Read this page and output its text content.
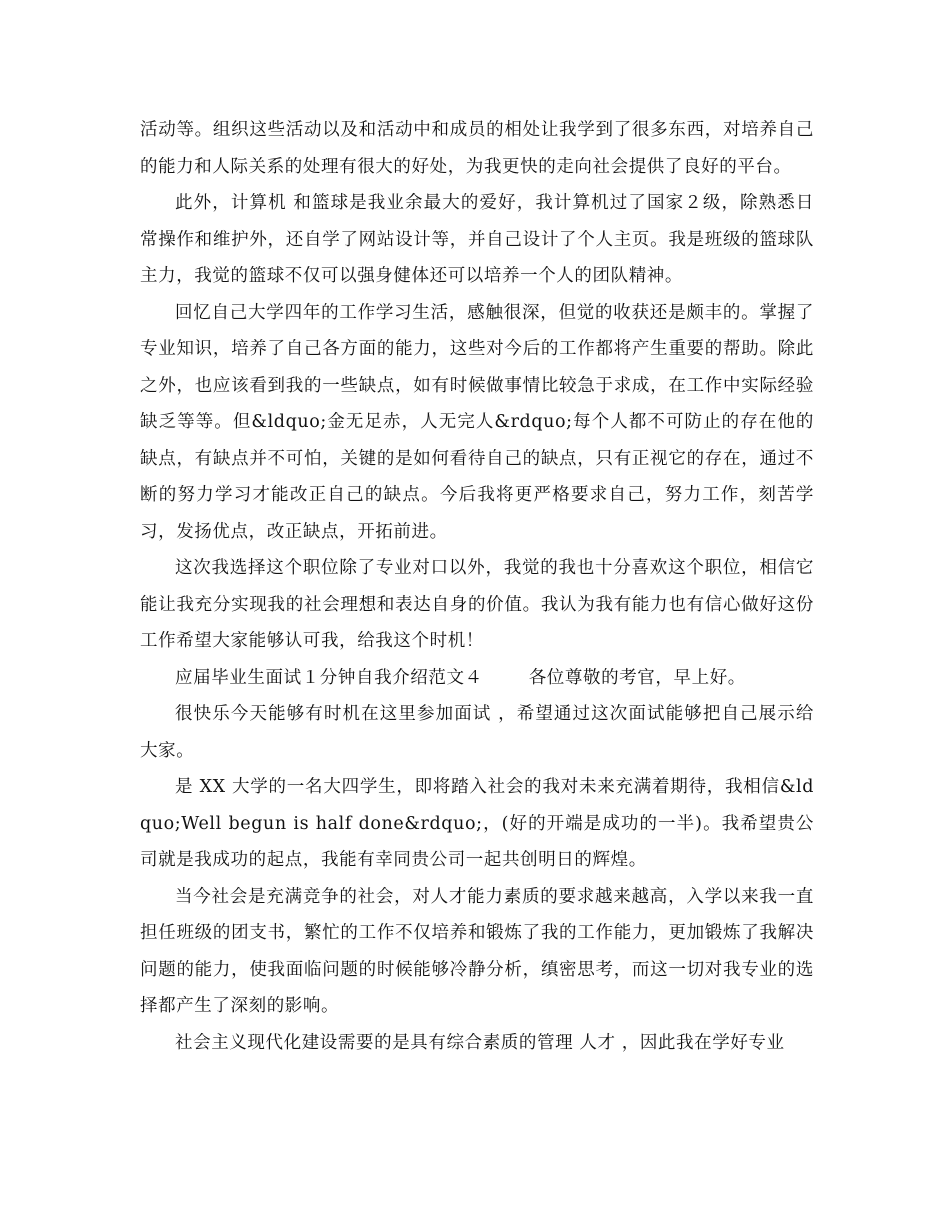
活动等。组织这些活动以及和活动中和成员的相处让我学到了很多东西，对培养自己的能力和人际关系的处理有很大的好处，为我更快的走向社会提供了良好的平台。

此外，计算机 和篮球是我业余最大的爱好，我计算机过了国家２级，除熟悉日常操作和维护外，还自学了网站设计等，并自己设计了个人主页。我是班级的篮球队主力，我觉的篮球不仅可以强身健体还可以培养一个人的团队精神。

回忆自己大学四年的工作学习生活，感触很深，但觉的收获还是颇丰的。掌握了专业知识，培养了自己各方面的能力，这些对今后的工作都将产生重要的帮助。除此之外，也应该看到我的一些缺点，如有时候做事情比较急于求成，在工作中实际经验缺乏等等。但&ldquo;金无足赤，人无完人&rdquo;每个人都不可防止的存在他的缺点，有缺点并不可怕，关键的是如何看待自己的缺点，只有正视它的存在，通过不断的努力学习才能改正自己的缺点。今后我将更严格要求自己，努力工作，刻苦学习，发扬优点，改正缺点，开拓前进。

这次我选择这个职位除了专业对口以外，我觉的我也十分喜欢这个职位，相信它能让我充分实现我的社会理想和表达自身的价值。我认为我有能力也有信心做好这份工作希望大家能够认可我，给我这个时机！

应届毕业生面试１分钟自我介绍范文４	各位尊敬的考官，早上好。

很快乐今天能够有时机在这里参加面试 ，希望通过这次面试能够把自己展示给大家。

是 XX 大学的一名大四学生，即将踏入社会的我对未来充满着期待，我相信&ldquo;Well begun is half done&rdquo;，(好的开端是成功的一半)。我希望贵公司就是我成功的起点，我能有幸同贵公司一起共创明日的辉煌。

当今社会是充满竞争的社会，对人才能力素质的要求越来越高，入学以来我一直担任班级的团支书，繁忙的工作不仅培养和锻炼了我的工作能力，更加锻炼了我解决问题的能力，使我面临问题的时候能够冷静分析，缜密思考，而这一切对我专业的选择都产生了深刻的影响。

社会主义现代化建设需要的是具有综合素质的管理 人才 ，因此我在学好专业
